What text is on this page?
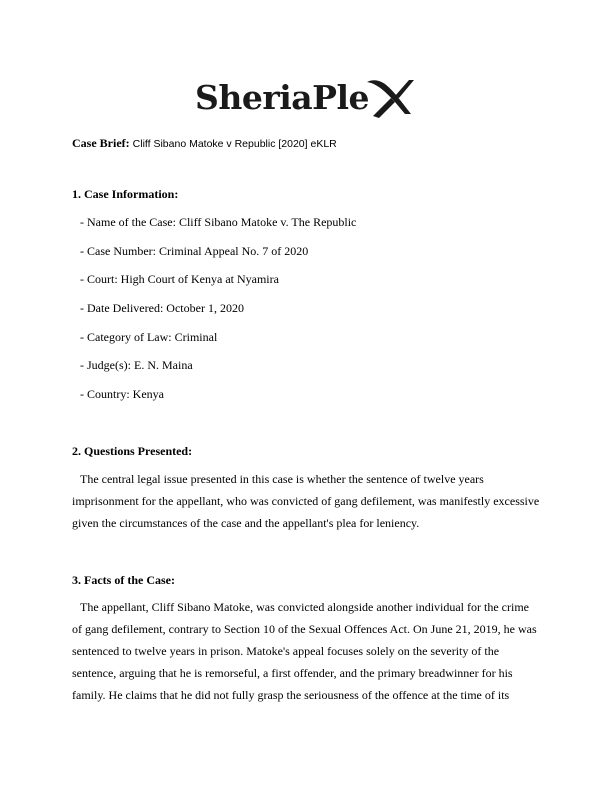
SheriaPle
Case Brief: Cliff Sibano Matoke v Republic [2020] eKLR
1. Case Information:
- Name of the Case: Cliff Sibano Matoke v. The Republic
- Case Number: Criminal Appeal No. 7 of 2020
- Court: High Court of Kenya at Nyamira
- Date Delivered: October 1, 2020
- Category of Law: Criminal
- Judge(s): E. N. Maina
- Country: Kenya
2. Questions Presented:
The central legal issue presented in this case is whether the sentence of twelve years
imprisonment for the appellant, who was convicted of gang defilement, was manifestly excessive
given the circumstances of the case and the appellant's plea for leniency.
3. Facts of the Case:
The appellant, Cliff Sibano Matoke, was convicted alongside another individual for the crime
of gang defilement, contrary to Section 10 of the Sexual Offences Act. On June 21, 2019, he was
sentenced to twelve years in prison. Matoke's appeal focuses solely on the severity of the
sentence, arguing that he is remorseful, a first offender, and the primary breadwinner for his
family. He claims that he did not fully grasp the seriousness of the offence at the time of its
